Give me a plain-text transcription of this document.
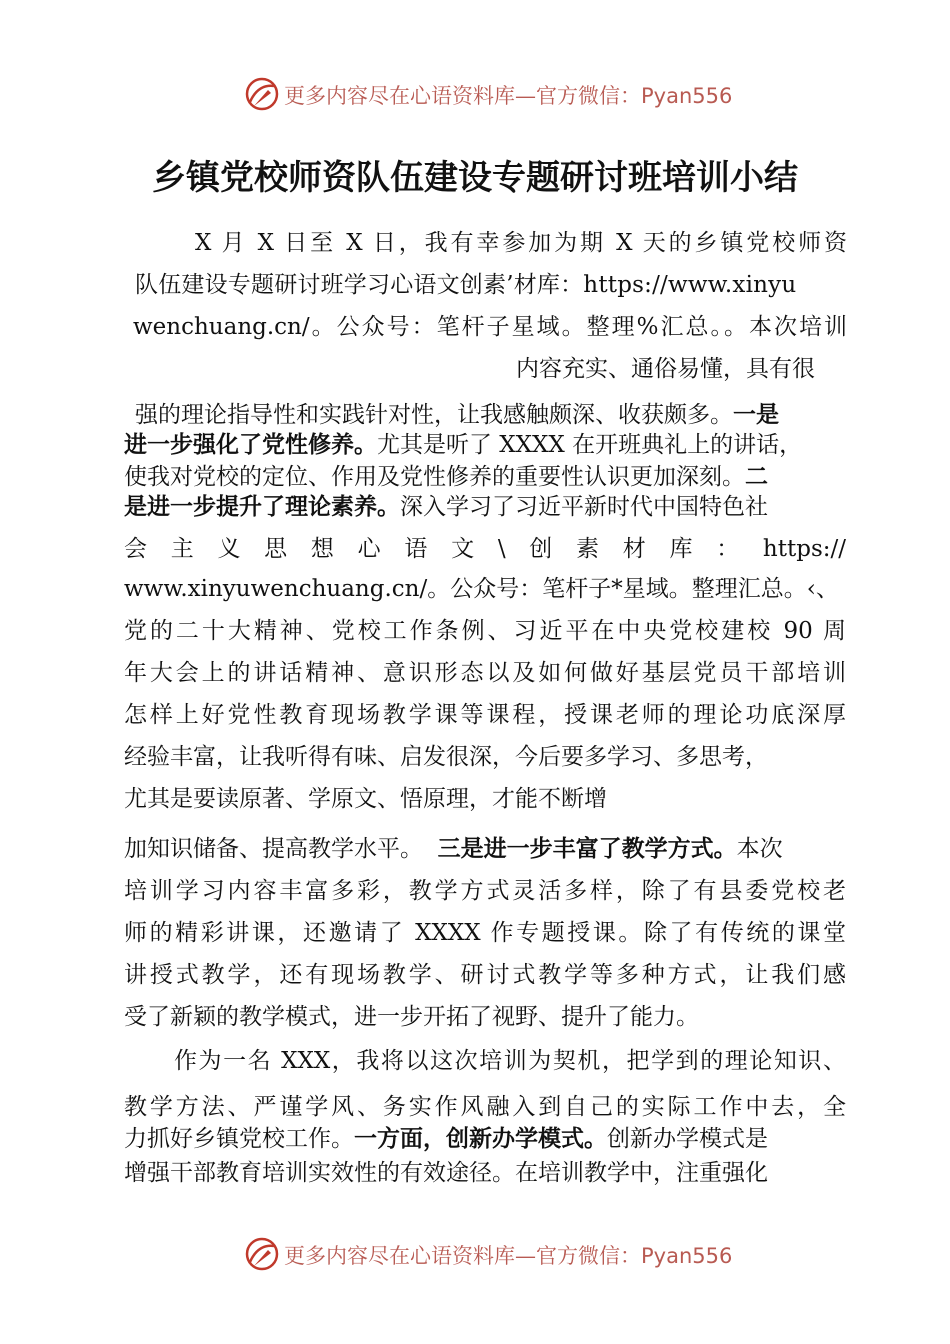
更多内容尽在心语资料库—官方微信：Pyan556
乡镇党校师资队伍建设专题研讨班培训小结
X 月 X 日至 X 日，我有幸参加为期 X 天的乡镇党校师资
队伍建设专题研讨班学习心语文创素’材库：https://www.xinyu
wenchuang.cn/。公众号：笔杆子星域。整理%汇总。。本次培训
内容充实、通俗易懂，具有很
强的理论指导性和实践针对性，让我感触颇深、收获颇多。一是
进一步强化了党性修养。尤其是听了 XXXX 在开班典礼上的讲话，
使我对党校的定位、作用及党性修养的重要性认识更加深刻。二
是进一步提升了理论素养。深入学习了习近平新时代中国特色社
会主义思想心语文\创素材库：https://
www.xinyuwenchuang.cn/。公众号：笔杆子*星域。整理汇总。‹、
党的二十大精神、党校工作条例、习近平在中央党校建校 90 周
年大会上的讲话精神、意识形态以及如何做好基层党员干部培训
怎样上好党性教育现场教学课等课程，授课老师的理论功底深厚
经验丰富，让我听得有味、启发很深，今后要多学习、多思考，
尤其是要读原著、学原文、悟原理，才能不断增
加知识储备、提高教学水平。 三是进一步丰富了教学方式。本次
培训学习内容丰富多彩，教学方式灵活多样，除了有县委党校老
师的精彩讲课，还邀请了 XXXX 作专题授课。除了有传统的课堂
讲授式教学，还有现场教学、研讨式教学等多种方式，让我们感
受了新颖的教学模式，进一步开拓了视野、提升了能力。
作为一名 XXX，我将以这次培训为契机，把学到的理论知识、
教学方法、严谨学风、务实作风融入到自己的实际工作中去，全
力抓好乡镇党校工作。一方面，创新办学模式。创新办学模式是
增强干部教育培训实效性的有效途径。在培训教学中，注重强化
更多内容尽在心语资料库—官方微信：Pyan556
